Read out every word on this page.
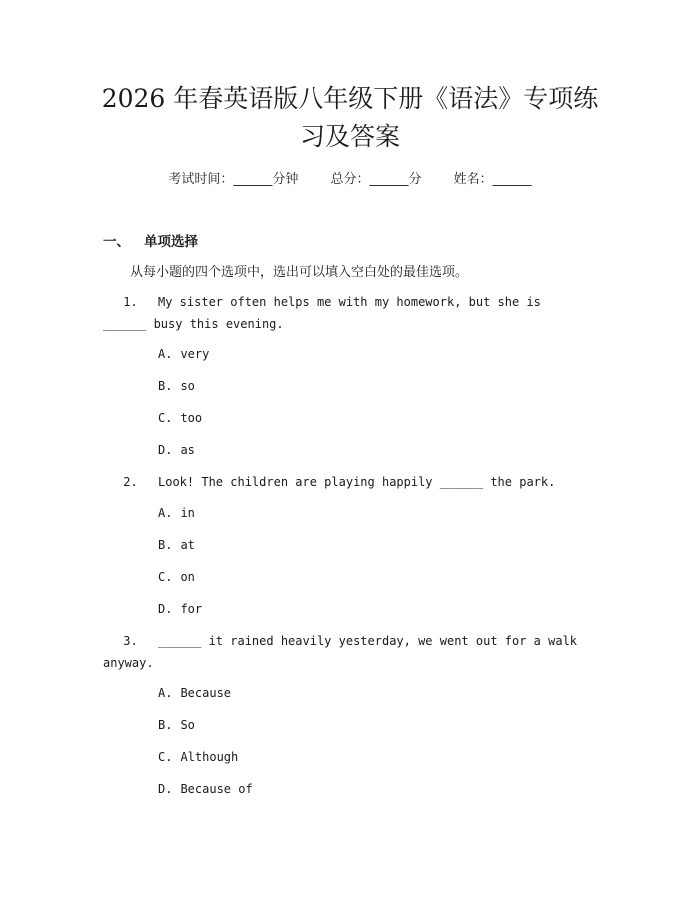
2026 年春英语版八年级下册《语法》专项练习及答案
考试时间：______分钟 总分：______分 姓名：______
一、 单项选择
从每小题的四个选项中，选出可以填入空白处的最佳选项。
1. My sister often helps me with my homework, but she is ______ busy this evening.
A. very
B. so
C. too
D. as
2. Look! The children are playing happily ______ the park.
A. in
B. at
C. on
D. for
3. ______ it rained heavily yesterday, we went out for a walk anyway.
A. Because
B. So
C. Although
D. Because of
